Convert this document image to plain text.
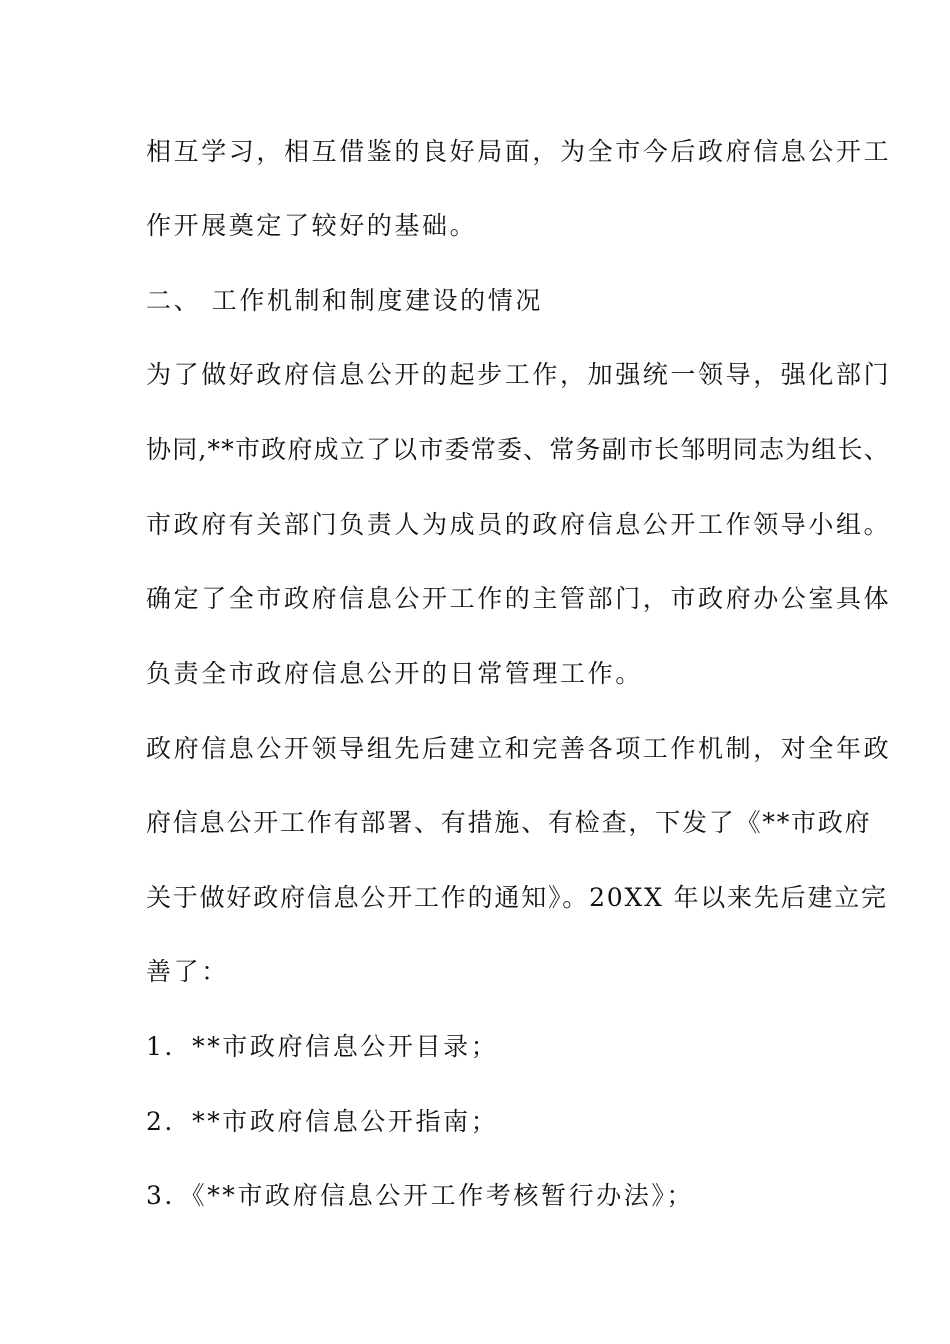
相互学习，相互借鉴的良好局面，为全市今后政府信息公开工
作开展奠定了较好的基础。
二、 工作机制和制度建设的情况
为了做好政府信息公开的起步工作，加强统一领导，强化部门
协同,**市政府成立了以市委常委、常务副市长邹明同志为组长、
市政府有关部门负责人为成员的政府信息公开工作领导小组。
确定了全市政府信息公开工作的主管部门，市政府办公室具体
负责全市政府信息公开的日常管理工作。
政府信息公开领导组先后建立和完善各项工作机制，对全年政
府信息公开工作有部署、有措施、有检查，下发了《**市政府
关于做好政府信息公开工作的通知》。20XX 年以来先后建立完
善了：
1．**市政府信息公开目录；
2．**市政府信息公开指南；
3．《**市政府信息公开工作考核暂行办法》；
